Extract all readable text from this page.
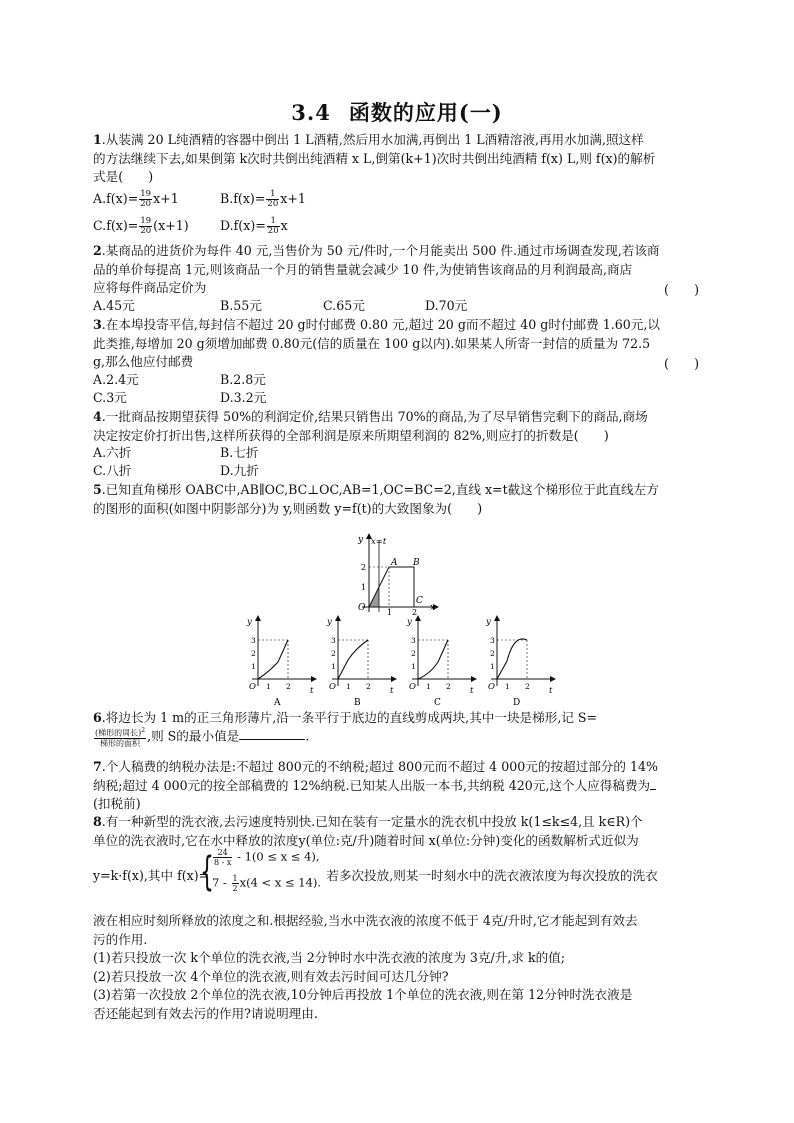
3.4 函数的应用(一)
1.从装满 20 L纯酒精的容器中倒出 1 L酒精,然后用水加满,再倒出 1 L酒精溶液,再用水加满,照这样
的方法继续下去,如果倒第 k次时共倒出纯酒精 x L,倒第(k+1)次时共倒出纯酒精 f(x) L,则 f(x)的解析
式是(　　)
$A.f(x)= \frac{19}{20} x+1$	$B.f(x)= \frac{1}{20} x+1$
$C.f(x)= \frac{19}{20} (x+1)$ $D.f(x)= \frac{1}{20}$ x
2.某商品的进货价为每件 40 元,当售价为 50 元/件时,一个月能卖出 500 件.通过市场调查发现,若该商
品的单价每提高 1元,则该商品一个月的销售量就会减少 10 件,为使销售该商品的月利润最高,商店
应将每件商品定价为	(　　)
A.45元	B.55元	C.65元	D.70元
3.在本埠投寄平信,每封信不超过 20 g时付邮费 0.80 元,超过 20 g而不超过 40 g时付邮费 1.60元,以
此类推,每增加 20 g须增加邮费 0.80元(信的质量在 100 g以内).如果某人所寄一封信的质量为 72.5
g,那么他应付邮费	(　　)
A.2.4元	B.2.8元
C.3元	D.3.2元
4.一批商品按期望获得 50%的利润定价,结果只销售出 70%的商品,为了尽早销售完剩下的商品,商场
决定按定价打折出售,这样所获得的全部利润是原来所期望利润的 82%,则应打的折数是(　　)
A.六折	B.七折
C.八折	D.九折
5.已知直角梯形 OABC中,AB∥OC,BC⊥OC,AB=1,OC=BC=2,直线 x=t截这个梯形位于此直线左方
的图形的面积(如图中阴影部分)为 y,则函数 y=f(t)的大致图象为(　　)
x=t
y
x
O
A B
C
1 2
1
2
y
t
O
3
2
1
1 2
A
y
t
O
3
2
1
1 2
B
y
t
O
3
2
1
1 2
C
y
t
O
3
2
1
1 2
D
6.将边长为 1 m的正三角形薄片,沿一条平行于底边的直线剪成两块,其中一块是梯形,记 S=
$\frac{(梯形的周长)^2}{\text{梯形的面积}}$ ,则 S的最小值是	.
7.个人稿费的纳税办法是:不超过 800元的不纳税;超过 800元而不超过 4 000元的按超过部分的 14%
纳税;超过 4 000元的按全部稿费的 12%纳税.已知某人出版一本书,共纳税 420元,这个人应得稿费为
(扣税前)
8.有一种新型的洗衣液,去污速度特别快.已知在装有一定量水的洗衣机中投放 k(1≤k≤4,且 k∈R)个
单位的洗衣液时,它在水中释放的浓度y(单位:克/升)随着时间 x(单位:分钟)变化的函数解析式近似为
y=k·f(x),其中 f(x)=	若多次投放,则某一时刻水中的洗衣液浓度为每次投放的洗衣
{ $\frac{24}{8 - x} - 1(0 \le x \le 4)$,
$7 - \frac{1}{2} x(4 < x \le 14)$.
液在相应时刻所释放的浓度之和.根据经验,当水中洗衣液的浓度不低于 4克/升时,它才能起到有效去
污的作用.
(1)若只投放一次 k个单位的洗衣液,当 2分钟时水中洗衣液的浓度为 3克/升,求 k的值;
(2)若只投放一次 4个单位的洗衣液,则有效去污时间可达几分钟?
(3)若第一次投放 2个单位的洗衣液,10分钟后再投放 1个单位的洗衣液,则在第 12分钟时洗衣液是
否还能起到有效去污的作用?请说明理由.
